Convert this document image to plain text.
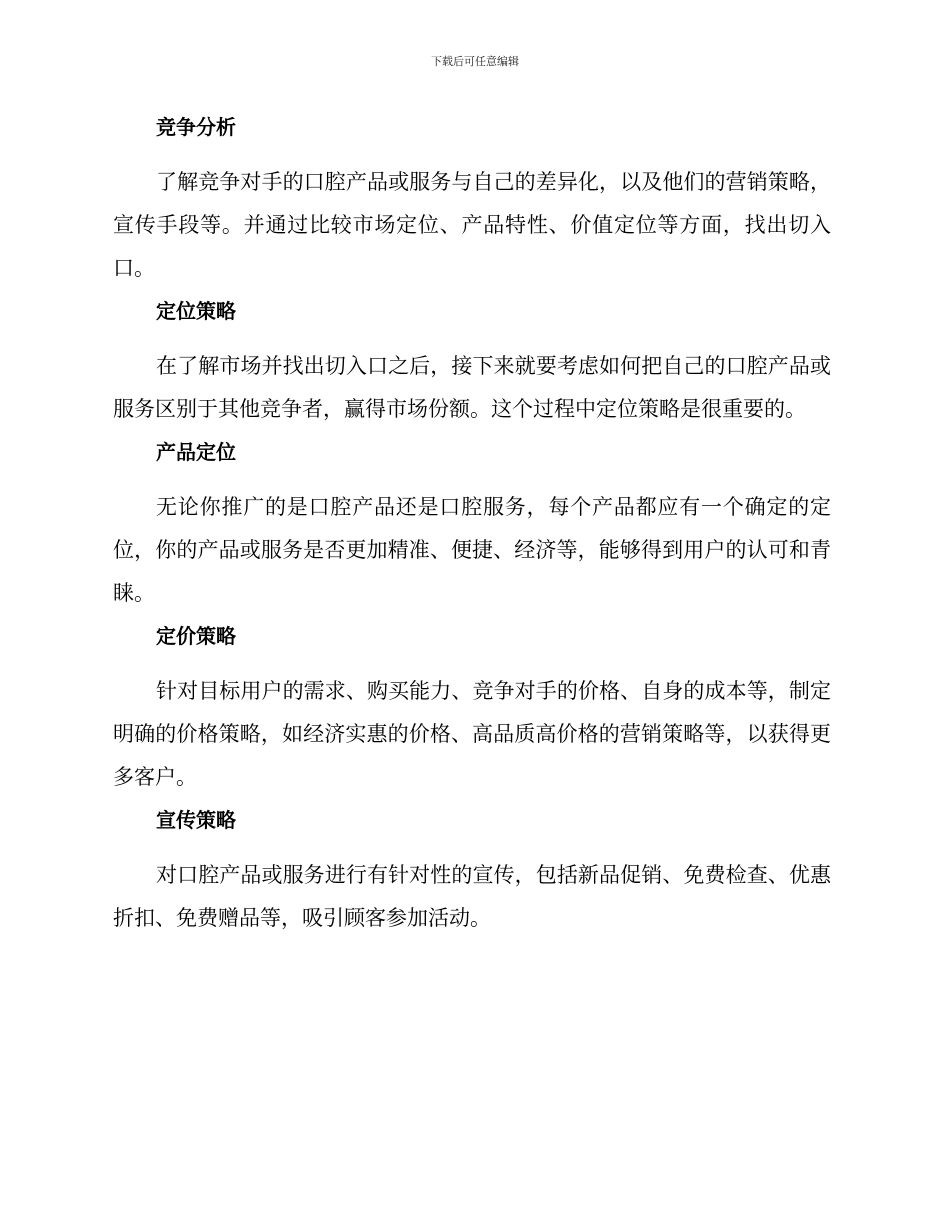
下载后可任意编辑
竞争分析

了解竞争对手的口腔产品或服务与自己的差异化，以及他们的营销策略，宣传手段等。并通过比较市场定位、产品特性、价值定位等方面，找出切入口。

定位策略

在了解市场并找出切入口之后，接下来就要考虑如何把自己的口腔产品或服务区别于其他竞争者，赢得市场份额。这个过程中定位策略是很重要的。

产品定位

无论你推广的是口腔产品还是口腔服务，每个产品都应有一个确定的定位，你的产品或服务是否更加精准、便捷、经济等，能够得到用户的认可和青睐。

定价策略

针对目标用户的需求、购买能力、竞争对手的价格、自身的成本等，制定明确的价格策略，如经济实惠的价格、高品质高价格的营销策略等，以获得更多客户。

宣传策略

对口腔产品或服务进行有针对性的宣传，包括新品促销、免费检查、优惠折扣、免费赠品等，吸引顾客参加活动。
